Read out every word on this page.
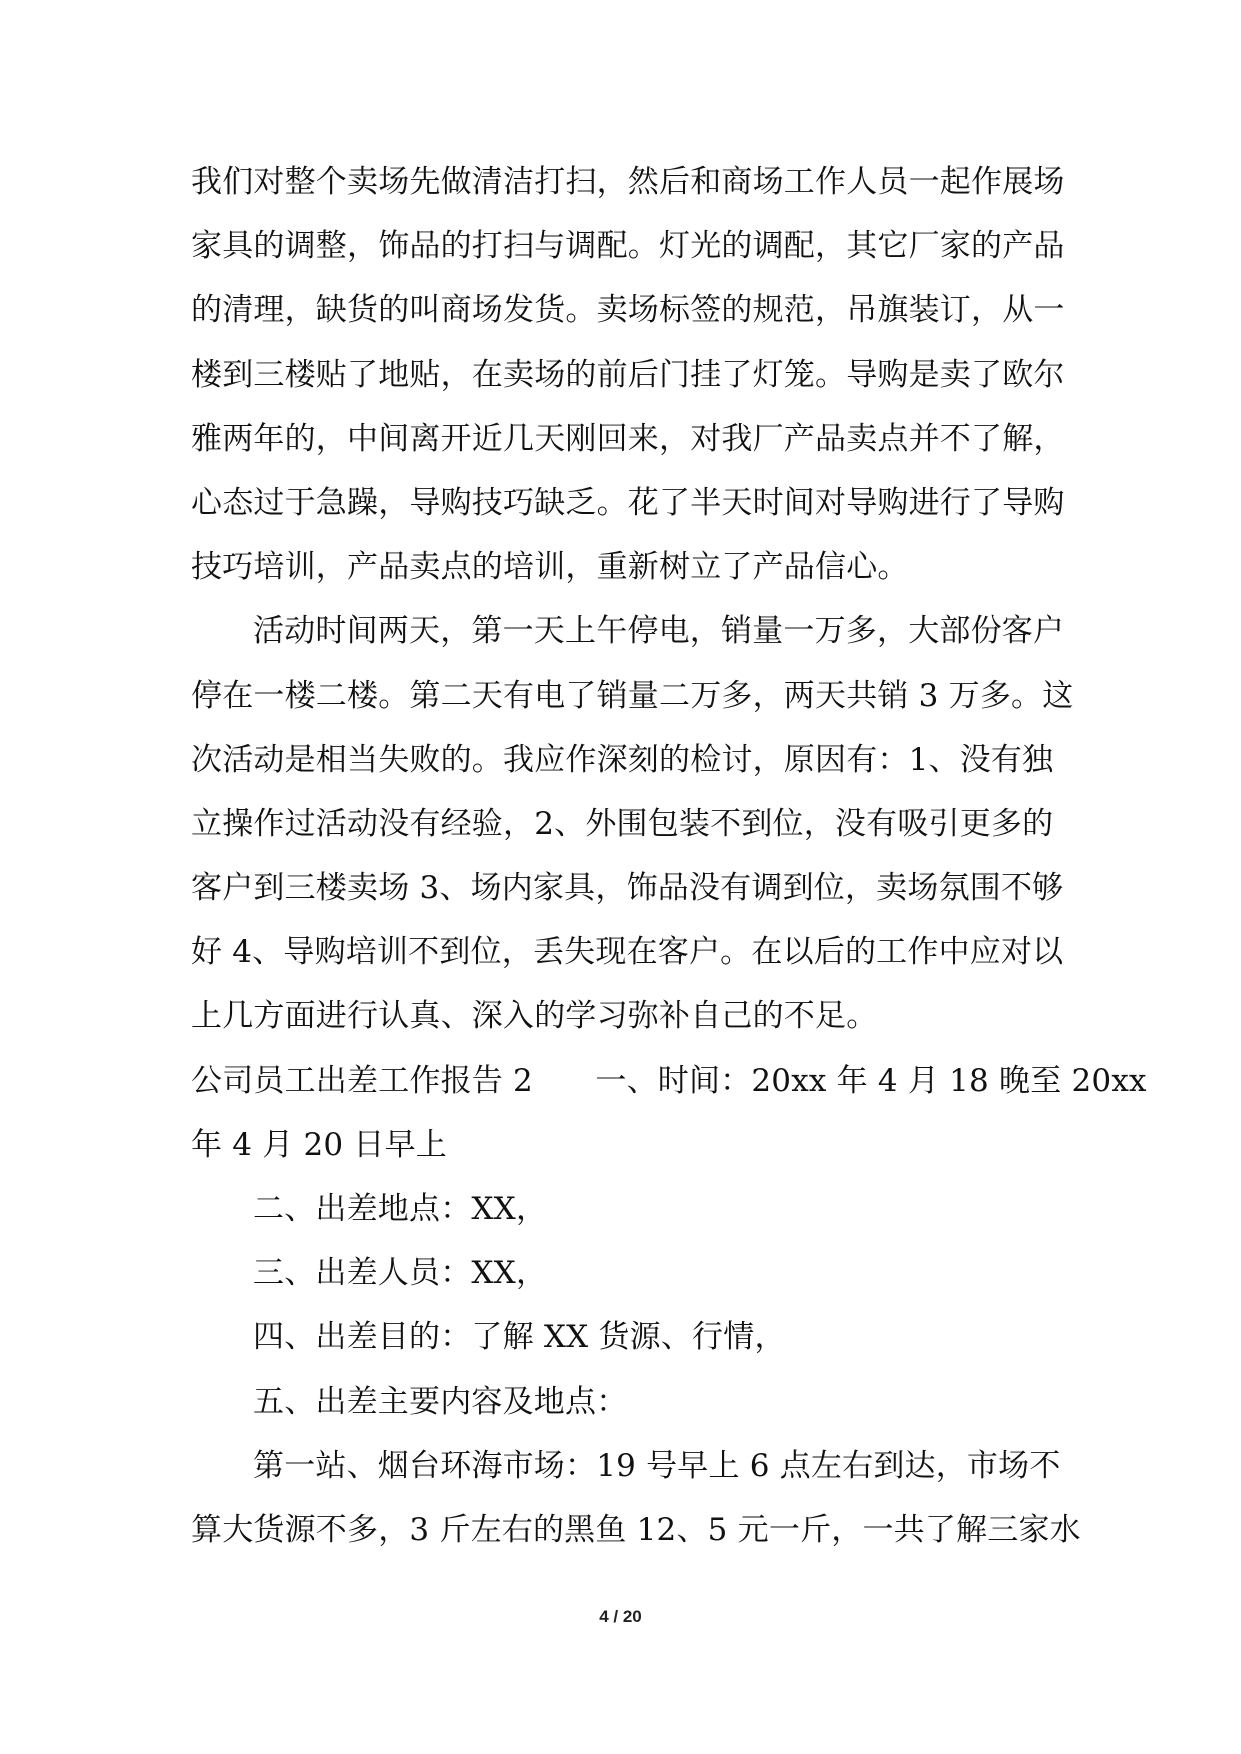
我们对整个卖场先做清洁打扫，然后和商场工作人员一起作展场
家具的调整，饰品的打扫与调配。灯光的调配，其它厂家的产品
的清理，缺货的叫商场发货。卖场标签的规范，吊旗装订，从一
楼到三楼贴了地贴，在卖场的前后门挂了灯笼。导购是卖了欧尔
雅两年的，中间离开近几天刚回来，对我厂产品卖点并不了解，
心态过于急躁，导购技巧缺乏。花了半天时间对导购进行了导购
技巧培训，产品卖点的培训，重新树立了产品信心。
活动时间两天，第一天上午停电，销量一万多，大部份客户
停在一楼二楼。第二天有电了销量二万多，两天共销 3 万多。这
次活动是相当失败的。我应作深刻的检讨，原因有：1、没有独
立操作过活动没有经验，2、外围包装不到位，没有吸引更多的
客户到三楼卖场 3、场内家具，饰品没有调到位，卖场氛围不够
好 4、导购培训不到位，丢失现在客户。在以后的工作中应对以
上几方面进行认真、深入的学习弥补自己的不足。
公司员工出差工作报告 2　　一、时间：20xx 年 4 月 18 晚至 20xx
年 4 月 20 日早上
二、出差地点：XX，
三、出差人员：XX，
四、出差目的：了解 XX 货源、行情，
五、出差主要内容及地点：
第一站、烟台环海市场：19 号早上 6 点左右到达，市场不
算大货源不多，3 斤左右的黑鱼 12、5 元一斤，一共了解三家水
4 / 20
